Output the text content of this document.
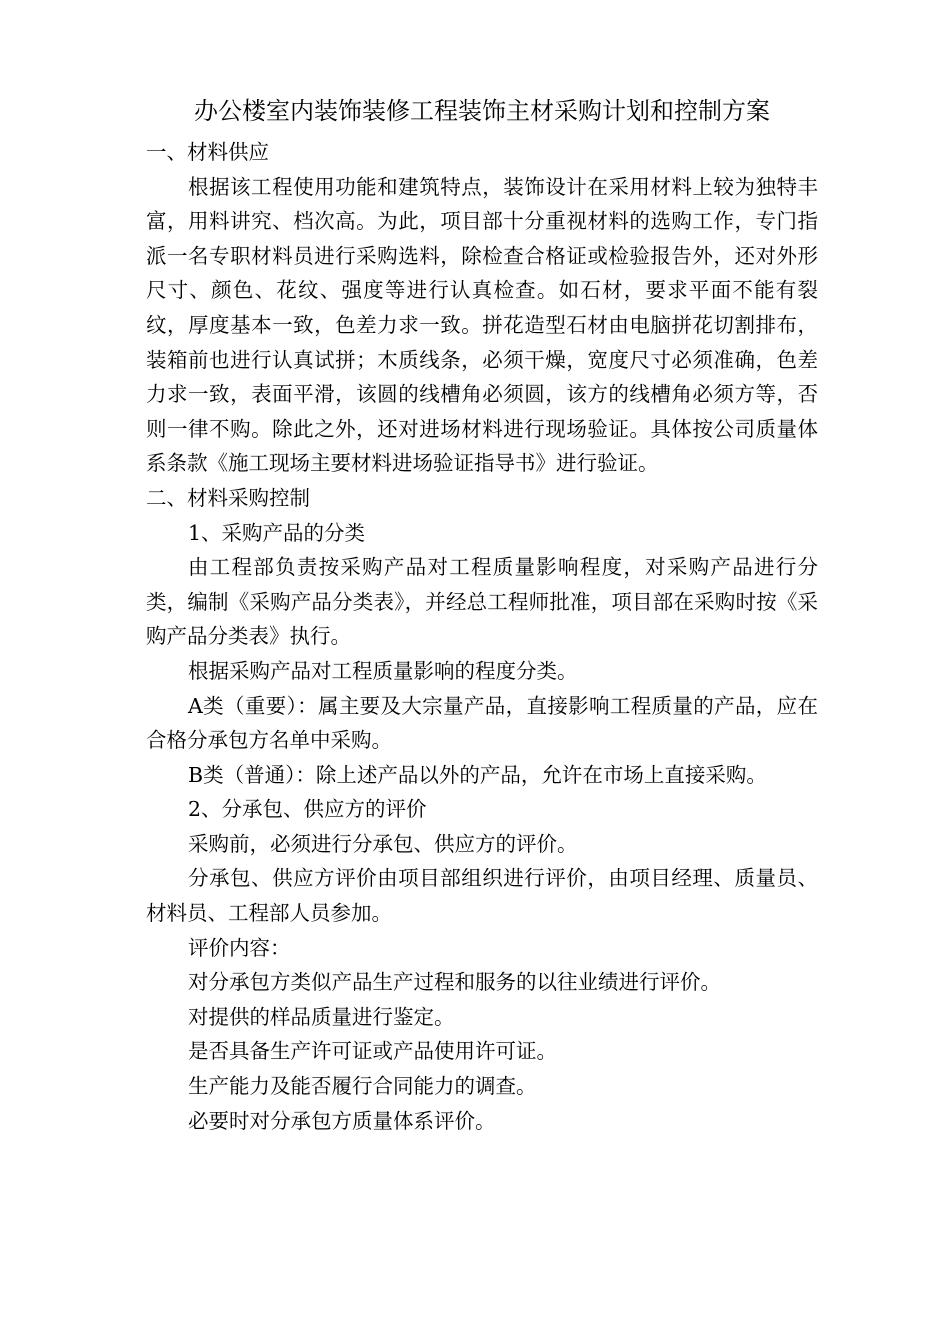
办公楼室内装饰装修工程装饰主材采购计划和控制方案

一、材料供应

根据该工程使用功能和建筑特点，装饰设计在采用材料上较为独特丰富，用料讲究、档次高。为此，项目部十分重视材料的选购工作，专门指派一名专职材料员进行采购选料，除检查合格证或检验报告外，还对外形尺寸、颜色、花纹、强度等进行认真检查。如石材，要求平面不能有裂纹，厚度基本一致，色差力求一致。拼花造型石材由电脑拼花切割排布，装箱前也进行认真试拼；木质线条，必须干燥，宽度尺寸必须准确，色差力求一致，表面平滑，该圆的线槽角必须圆，该方的线槽角必须方等，否则一律不购。除此之外，还对进场材料进行现场验证。具体按公司质量体系条款《施工现场主要材料进场验证指导书》进行验证。

二、材料采购控制

1、采购产品的分类

由工程部负责按采购产品对工程质量影响程度，对采购产品进行分类，编制《采购产品分类表》，并经总工程师批准，项目部在采购时按《采购产品分类表》执行。

根据采购产品对工程质量影响的程度分类。

A类（重要）：属主要及大宗量产品，直接影响工程质量的产品，应在合格分承包方名单中采购。

B类（普通）：除上述产品以外的产品，允许在市场上直接采购。

2、分承包、供应方的评价

采购前，必须进行分承包、供应方的评价。

分承包、供应方评价由项目部组织进行评价，由项目经理、质量员、材料员、工程部人员参加。

评价内容：

对分承包方类似产品生产过程和服务的以往业绩进行评价。

对提供的样品质量进行鉴定。

是否具备生产许可证或产品使用许可证。

生产能力及能否履行合同能力的调查。

必要时对分承包方质量体系评价。
